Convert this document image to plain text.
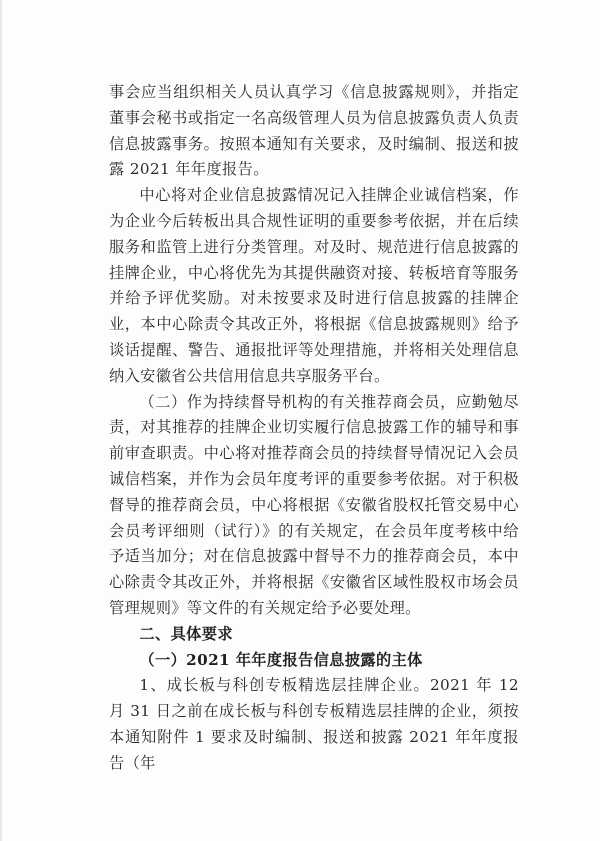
事会应当组织相关人员认真学习《信息披露规则》，并指定董事会秘书或指定一名高级管理人员为信息披露负责人负责信息披露事务。按照本通知有关要求，及时编制、报送和披露 2021 年年度报告。

中心将对企业信息披露情况记入挂牌企业诚信档案，作为企业今后转板出具合规性证明的重要参考依据，并在后续服务和监管上进行分类管理。对及时、规范进行信息披露的挂牌企业，中心将优先为其提供融资对接、转板培育等服务并给予评优奖励。对未按要求及时进行信息披露的挂牌企业，本中心除责令其改正外，将根据《信息披露规则》给予谈话提醒、警告、通报批评等处理措施，并将相关处理信息纳入安徽省公共信用信息共享服务平台。

（二）作为持续督导机构的有关推荐商会员，应勤勉尽责，对其推荐的挂牌企业切实履行信息披露工作的辅导和事前审查职责。中心将对推荐商会员的持续督导情况记入会员诚信档案，并作为会员年度考评的重要参考依据。对于积极督导的推荐商会员，中心将根据《安徽省股权托管交易中心会员考评细则（试行）》的有关规定，在会员年度考核中给予适当加分；对在信息披露中督导不力的推荐商会员，本中心除责令其改正外，并将根据《安徽省区域性股权市场会员管理规则》等文件的有关规定给予必要处理。

二、具体要求

（一）2021 年年度报告信息披露的主体

1、成长板与科创专板精选层挂牌企业。2021 年 12 月 31 日之前在成长板与科创专板精选层挂牌的企业，须按本通知附件 1 要求及时编制、报送和披露 2021 年年度报告（年
